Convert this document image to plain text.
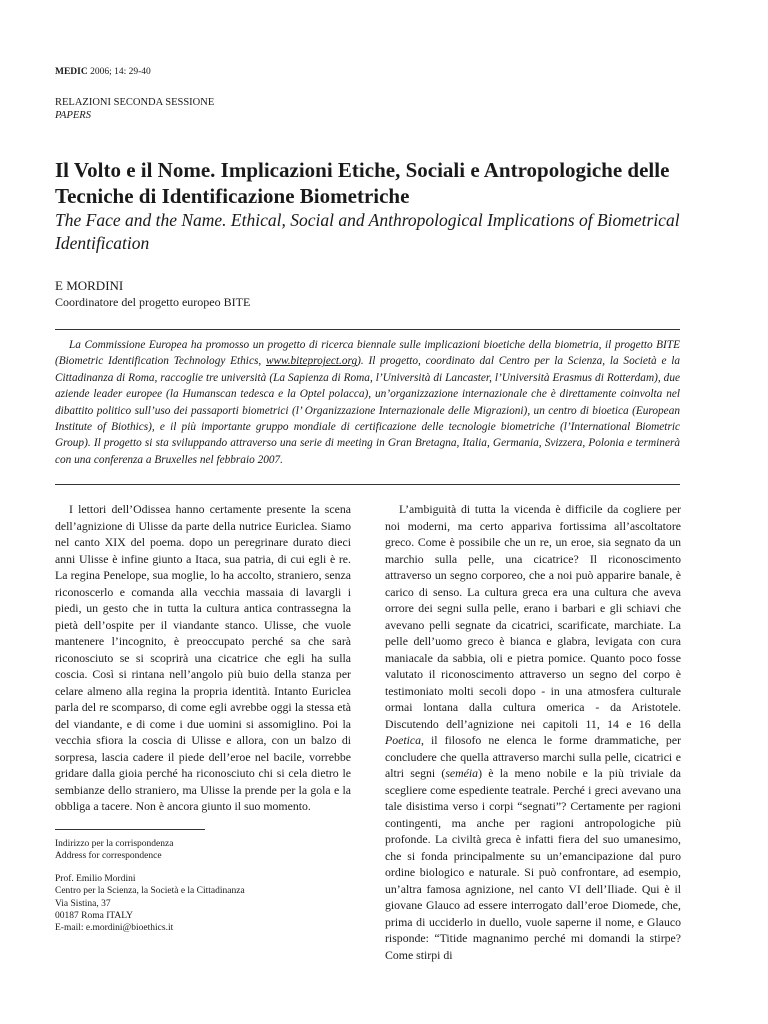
MEDIC 2006; 14: 29-40
RELAZIONI SECONDA SESSIONE
PAPERS
Il Volto e il Nome. Implicazioni Etiche, Sociali e Antropologiche delle Tecniche di Identificazione Biometriche
The Face and the Name. Ethical, Social and Anthropological Implications of Biometrical Identification
E MORDINI
Coordinatore del progetto europeo BITE

La Commissione Europea ha promosso un progetto di ricerca biennale sulle implicazioni bioetiche della biometria, il progetto BITE (Biometric Identification Technology Ethics, www.biteproject.org). Il progetto, coordinato dal Centro per la Scienza, la Società e la Cittadinanza di Roma, raccoglie tre università (La Sapienza di Roma, l’Università di Lancaster, l’Università Erasmus di Rotterdam), due aziende leader europee (la Humanscan tedesca e la Optel polacca), un’organizzazione internazionale che è direttamente coinvolta nel dibattito politico sull’uso dei passaporti biometrici (l’ Organizzazione Internazionale delle Migrazioni), un centro di bioetica (European Institute of Biothics), e il più importante gruppo mondiale di certificazione delle tecnologie biometriche (l’International Biometric Group). Il progetto si sta sviluppando attraverso una serie di meeting in Gran Bretagna, Italia, Germania, Svizzera, Polonia e terminerà con una conferenza a Bruxelles nel febbraio 2007.

I lettori dell’Odissea hanno certamente presente la scena dell’agnizione di Ulisse da parte della nutrice Euriclea. Siamo nel canto XIX del poema. dopo un peregrinare durato dieci anni Ulisse è infine giunto a Itaca, sua patria, di cui egli è re. La regina Penelope, sua moglie, lo ha accolto, straniero, senza riconoscerlo e comanda alla vecchia massaia di lavargli i piedi, un gesto che in tutta la cultura antica contrassegna la pietà dell’ospite per il viandante stanco. Ulisse, che vuole mantenere l’incognito, è preoccupato perché sa che sarà riconosciuto se si scoprirà una cicatrice che egli ha sulla coscia. Così si rintana nell’angolo più buio della stanza per celare almeno alla regina la propria identità. Intanto Euriclea parla del re scomparso, di come egli avrebbe oggi la stessa età del viandante, e di come i due uomini si assomiglino. Poi la vecchia sfiora la coscia di Ulisse e allora, con un balzo di sorpresa, lascia cadere il piede dell’eroe nel bacile, vorrebbe gridare dalla gioia perché ha riconosciuto chi si cela dietro le sembianze dello straniero, ma Ulisse la prende per la gola e la obbliga a tacere. Non è ancora giunto il suo momento.

L’ambiguità di tutta la vicenda è difficile da cogliere per noi moderni, ma certo appariva fortissima all’ascoltatore greco. Come è possibile che un re, un eroe, sia segnato da un marchio sulla pelle, una cicatrice? Il riconoscimento attraverso un segno corporeo, che a noi può apparire banale, è carico di senso. La cultura greca era una cultura che aveva orrore dei segni sulla pelle, erano i barbari e gli schiavi che avevano pelli segnate da cicatrici, scarificate, marchiate. La pelle dell’uomo greco è bianca e glabra, levigata con cura maniacale da sabbia, oli e pietra pomice. Quanto poco fosse valutato il riconoscimento attraverso un segno del corpo è testimoniato molti secoli dopo - in una atmosfera culturale ormai lontana dalla cultura omerica - da Aristotele. Discutendo dell’agnizione nei capitoli 11, 14 e 16 della Poetica, il filosofo ne elenca le forme drammatiche, per concludere che quella attraverso marchi sulla pelle, cicatrici e altri segni (seméia) è la meno nobile e la più triviale da scegliere come espediente teatrale. Perché i greci avevano una tale disistima verso i corpi “segnati”? Certamente per ragioni contingenti, ma anche per ragioni antropologiche più profonde. La civiltà greca è infatti fiera del suo umanesimo, che si fonda principalmente su un’emancipazione dal puro ordine biologico e naturale. Si può confrontare, ad esempio, un’altra famosa agnizione, nel canto VI dell’Iliade. Qui è il giovane Glauco ad essere interrogato dall’eroe Diomede, che, prima di ucciderlo in duello, vuole saperne il nome, e Glauco risponde: “Titide magnanimo perché mi domandi la stirpe? Come stirpi di

Indirizzo per la corrispondenza
Address for correspondence
Prof. Emilio Mordini
Centro per la Scienza, la Società e la Cittadinanza
Via Sistina, 37
00187 Roma ITALY
E-mail: e.mordini@bioethics.it
